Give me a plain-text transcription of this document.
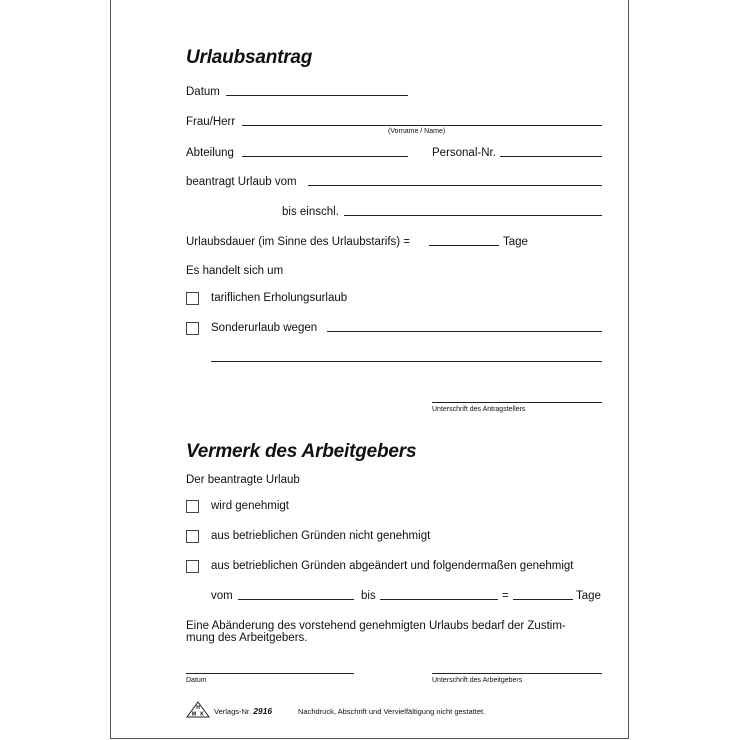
Urlaubsantrag
Datum
Frau/Herr
(Vorname / Name)
Abteilung	Personal-Nr.
beantragt Urlaub vom
bis einschl.
Urlaubsdauer (im Sinne des Urlaubstarifs) =	Tage
Es handelt sich um
tariflichen Erholungsurlaub
Sonderurlaub wegen
Unterschrift des Antragstellers
Vermerk des Arbeitgebers
Der beantragte Urlaub
wird genehmigt
aus betrieblichen Gründen nicht genehmigt
aus betrieblichen Gründen abgeändert und folgendermaßen genehmigt
vom	bis	=	Tage
Eine Abänderung des vorstehend genehmigten Urlaubs bedarf der Zustim-
mung des Arbeitgebers.
Datum	Unterschrift des Arbeitgebers
H
M K Verlags-Nr. 2916	Nachdruck, Abschrift und Vervielfältigung nicht gestattet.
